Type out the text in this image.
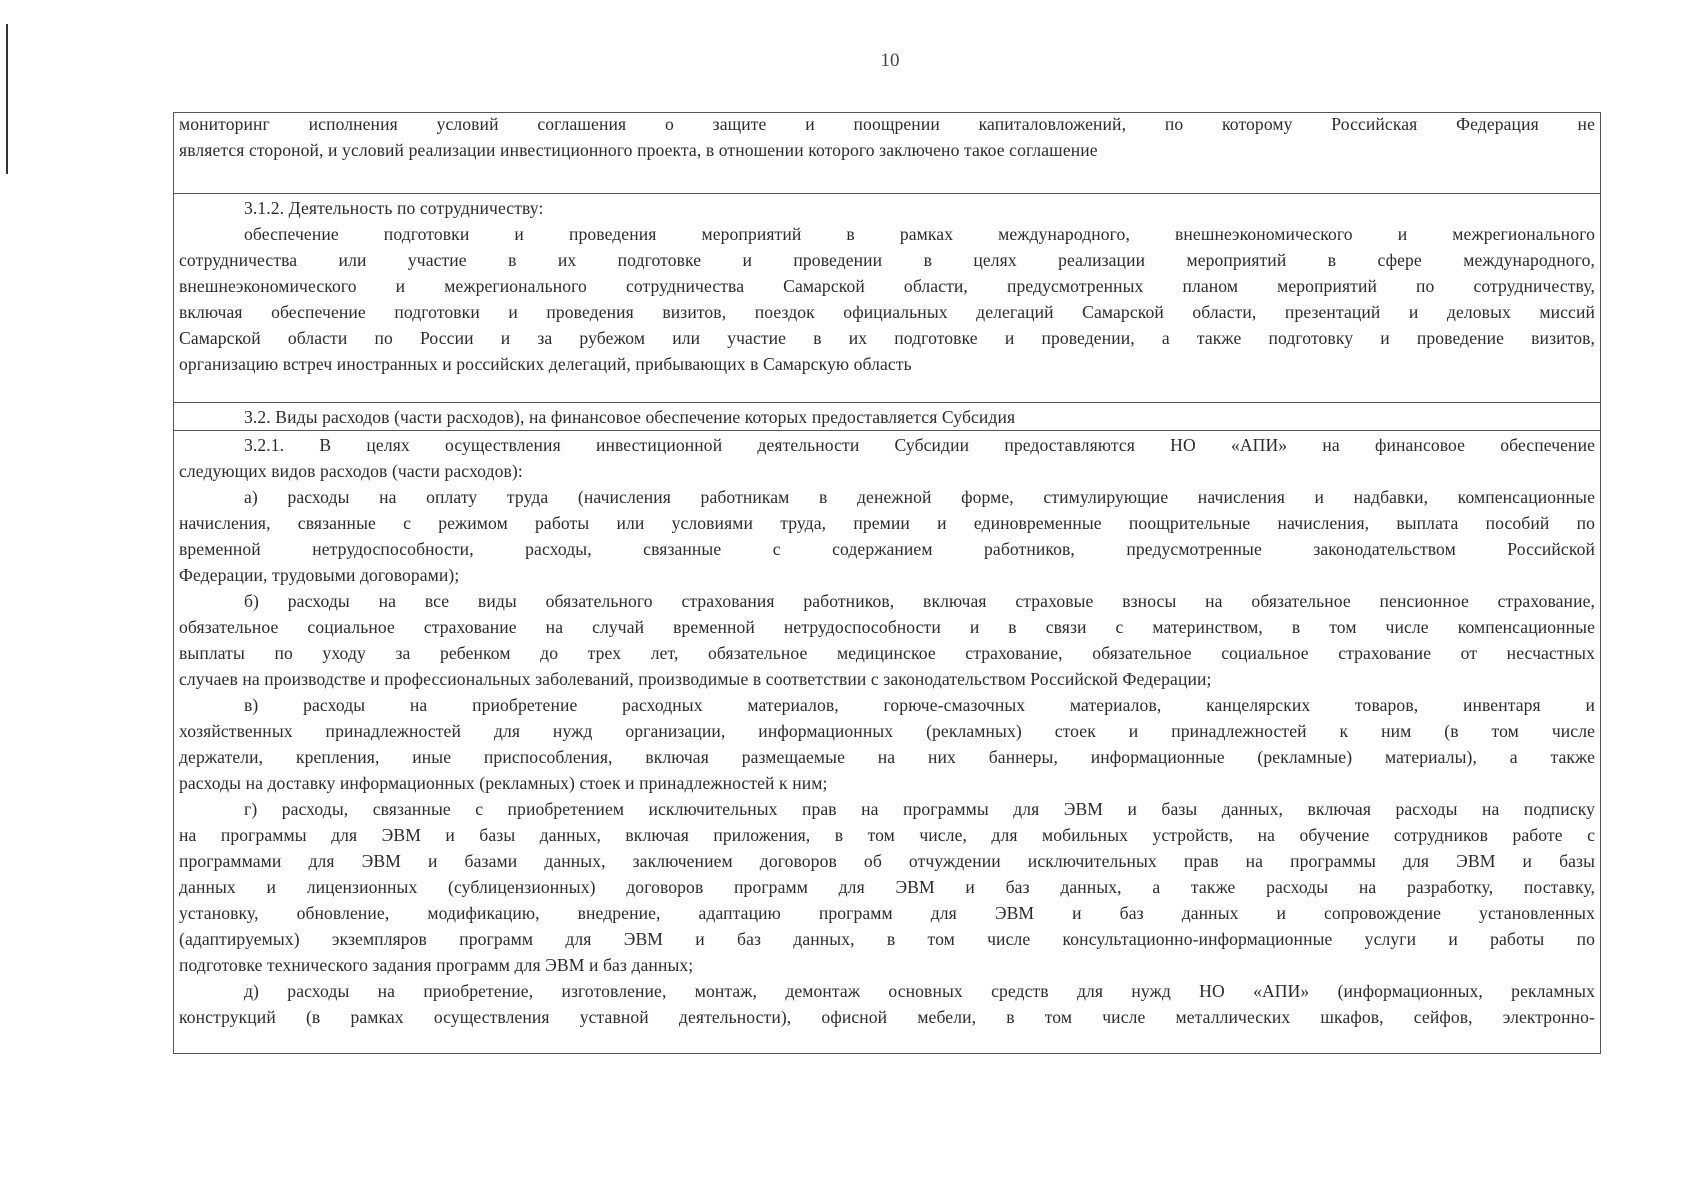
10
мониторинг исполнения условий соглашения о защите и поощрении капиталовложений, по которому Российская Федерация не
является стороной, и условий реализации инвестиционного проекта, в отношении которого заключено такое соглашение
3.1.2. Деятельность по сотрудничеству:
обеспечение подготовки и проведения мероприятий в рамках международного, внешнеэкономического и межрегионального
сотрудничества или участие в их подготовке и проведении в целях реализации мероприятий в сфере международного,
внешнеэкономического и межрегионального сотрудничества Самарской области, предусмотренных планом мероприятий по сотрудничеству,
включая обеспечение подготовки и проведения визитов, поездок официальных делегаций Самарской области, презентаций и деловых миссий
Самарской области по России и за рубежом или участие в их подготовке и проведении, а также подготовку и проведение визитов,
организацию встреч иностранных и российских делегаций, прибывающих в Самарскую область
3.2. Виды расходов (части расходов), на финансовое обеспечение которых предоставляется Субсидия
3.2.1. В целях осуществления инвестиционной деятельности Субсидии предоставляются НО «АПИ» на финансовое обеспечение
следующих видов расходов (части расходов):
а) расходы на оплату труда (начисления работникам в денежной форме, стимулирующие начисления и надбавки, компенсационные
начисления, связанные с режимом работы или условиями труда, премии и единовременные поощрительные начисления, выплата пособий по
временной нетрудоспособности, расходы, связанные с содержанием работников, предусмотренные законодательством Российской
Федерации, трудовыми договорами);
б) расходы на все виды обязательного страхования работников, включая страховые взносы на обязательное пенсионное страхование,
обязательное социальное страхование на случай временной нетрудоспособности и в связи с материнством, в том числе компенсационные
выплаты по уходу за ребенком до трех лет, обязательное медицинское страхование, обязательное социальное страхование от несчастных
случаев на производстве и профессиональных заболеваний, производимые в соответствии с законодательством Российской Федерации;
в) расходы на приобретение расходных материалов, горюче-смазочных материалов, канцелярских товаров, инвентаря и
хозяйственных принадлежностей для нужд организации, информационных (рекламных) стоек и принадлежностей к ним (в том числе
держатели, крепления, иные приспособления, включая размещаемые на них баннеры, информационные (рекламные) материалы), а также
расходы на доставку информационных (рекламных) стоек и принадлежностей к ним;
г) расходы, связанные с приобретением исключительных прав на программы для ЭВМ и базы данных, включая расходы на подписку
на программы для ЭВМ и базы данных, включая приложения, в том числе, для мобильных устройств, на обучение сотрудников работе с
программами для ЭВМ и базами данных, заключением договоров об отчуждении исключительных прав на программы для ЭВМ и базы
данных и лицензионных (сублицензионных) договоров программ для ЭВМ и баз данных, а также расходы на разработку, поставку,
установку, обновление, модификацию, внедрение, адаптацию программ для ЭВМ и баз данных и сопровождение установленных
(адаптируемых) экземпляров программ для ЭВМ и баз данных, в том числе консультационно-информационные услуги и работы по
подготовке технического задания программ для ЭВМ и баз данных;
д) расходы на приобретение, изготовление, монтаж, демонтаж основных средств для нужд НО «АПИ» (информационных, рекламных
конструкций (в рамках осуществления уставной деятельности), офисной мебели, в том числе металлических шкафов, сейфов, электронно-
